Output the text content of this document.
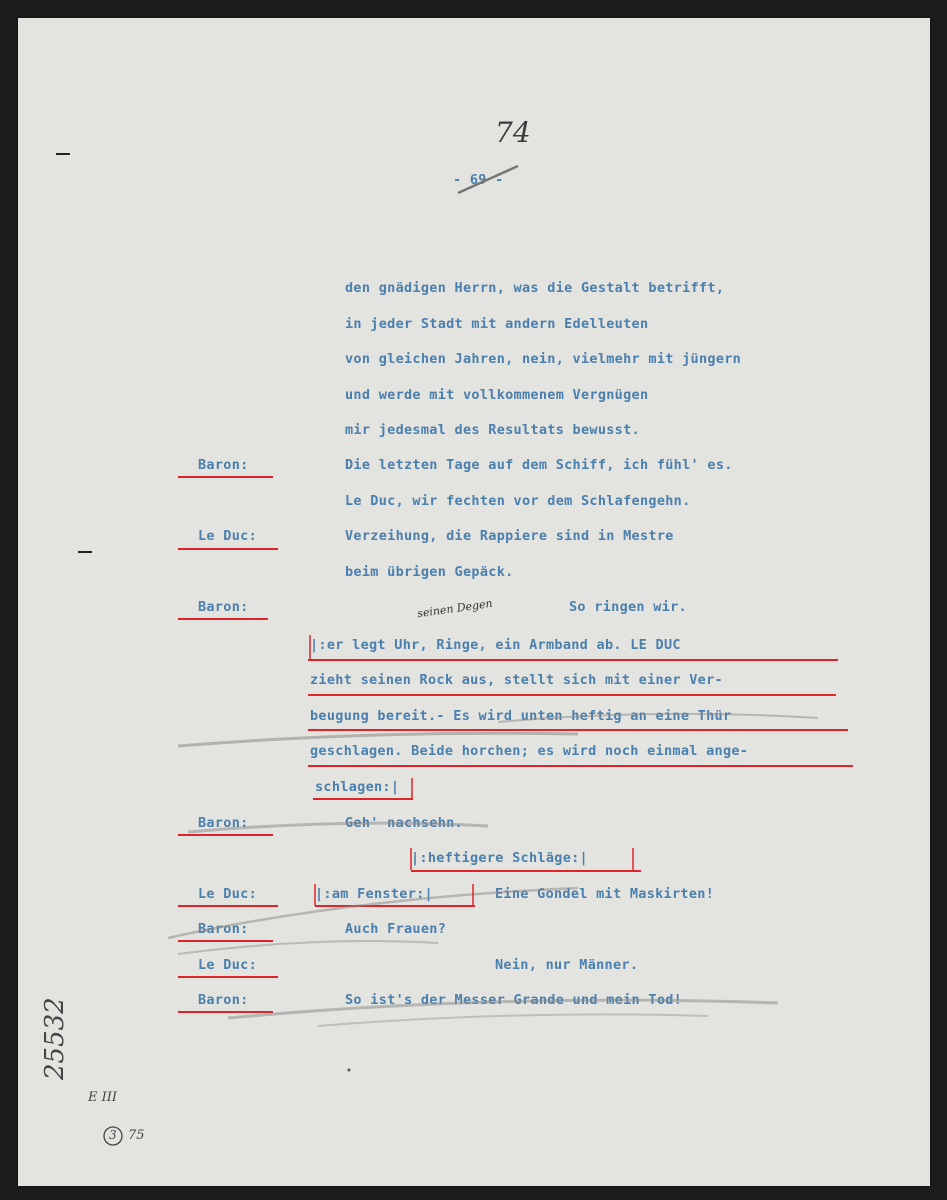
74
- 69 -
den gnädigen Herrn, was die Gestalt betrifft,
in jeder Stadt mit andern Edelleuten
von gleichen Jahren, nein, vielmehr mit jüngern
und werde mit vollkommenem Vergnügen
mir jedesmal des Resultats bewusst.
Baron:	Die letzten Tage auf dem Schiff, ich fühl' es.
Le Duc, wir fechten vor dem Schlafengehn.
Le Duc:	Verzeihung, die Rappiere sind in Mestre
beim übrigen Gepäck.
Baron:	So ringen wir.
seinen Degen
|:er legt Uhr, Ringe, ein Armband ab. LE DUC
zieht seinen Rock aus, stellt sich mit einer Ver-
beugung bereit.- Es wird unten heftig an eine Thür
geschlagen. Beide horchen; es wird noch einmal ange-
schlagen:|
Baron:	Geh' nachsehn.
|:heftigere Schläge:|
Le Duc:	|:am Fenster:|	Eine Gondel mit Maskirten!
Baron:	Auch Frauen?
Le Duc:	Nein, nur Männer.
Baron:	So ist's der Messer Grande und mein Tod!
25532
E III
3 75
